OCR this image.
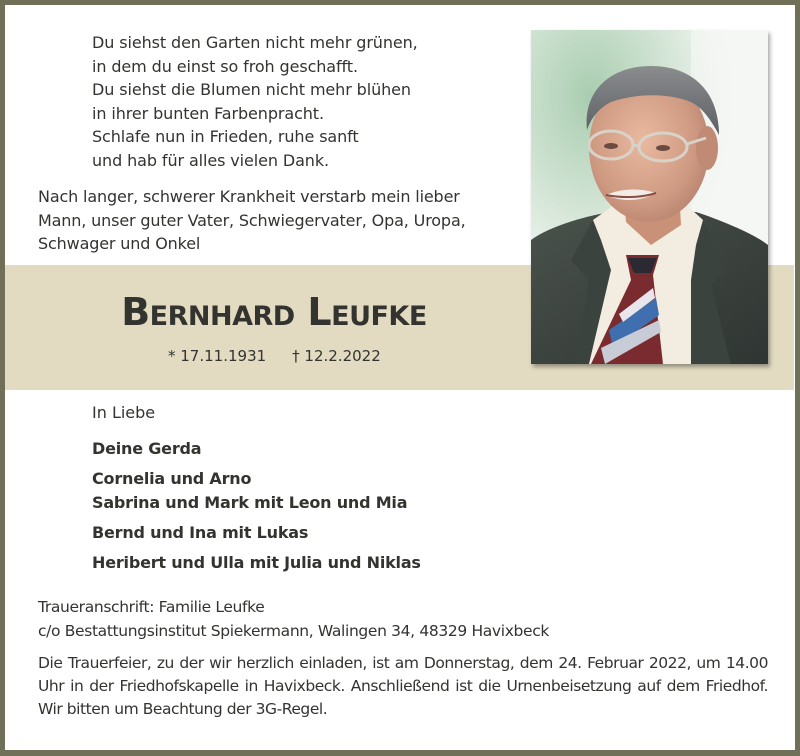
Du siehst den Garten nicht mehr grünen,
in dem du einst so froh geschafft.
Du siehst die Blumen nicht mehr blühen
in ihrer bunten Farbenpracht.
Schlafe nun in Frieden, ruhe sanft
und hab für alles vielen Dank.
Nach langer, schwerer Krankheit verstarb mein lieber
Mann, unser guter Vater, Schwiegervater, Opa, Uropa,
Schwager und Onkel
Bernhard Leufke
* 17.11.1931 † 12.2.2022
In Liebe
Deine Gerda
Cornelia und Arno
Sabrina und Mark mit Leon und Mia
Bernd und Ina mit Lukas
Heribert und Ulla mit Julia und Niklas
Traueranschrift: Familie Leufke
c/o Bestattungsinstitut Spiekermann, Walingen 34, 48329 Havixbeck
Die Trauerfeier, zu der wir herzlich einladen, ist am Donnerstag, dem 24. Februar 2022, um 14.00 Uhr in der Friedhofskapelle in Havixbeck. Anschließend ist die Urnenbeisetzung auf dem Friedhof. Wir bitten um Beachtung der 3G-Regel.
